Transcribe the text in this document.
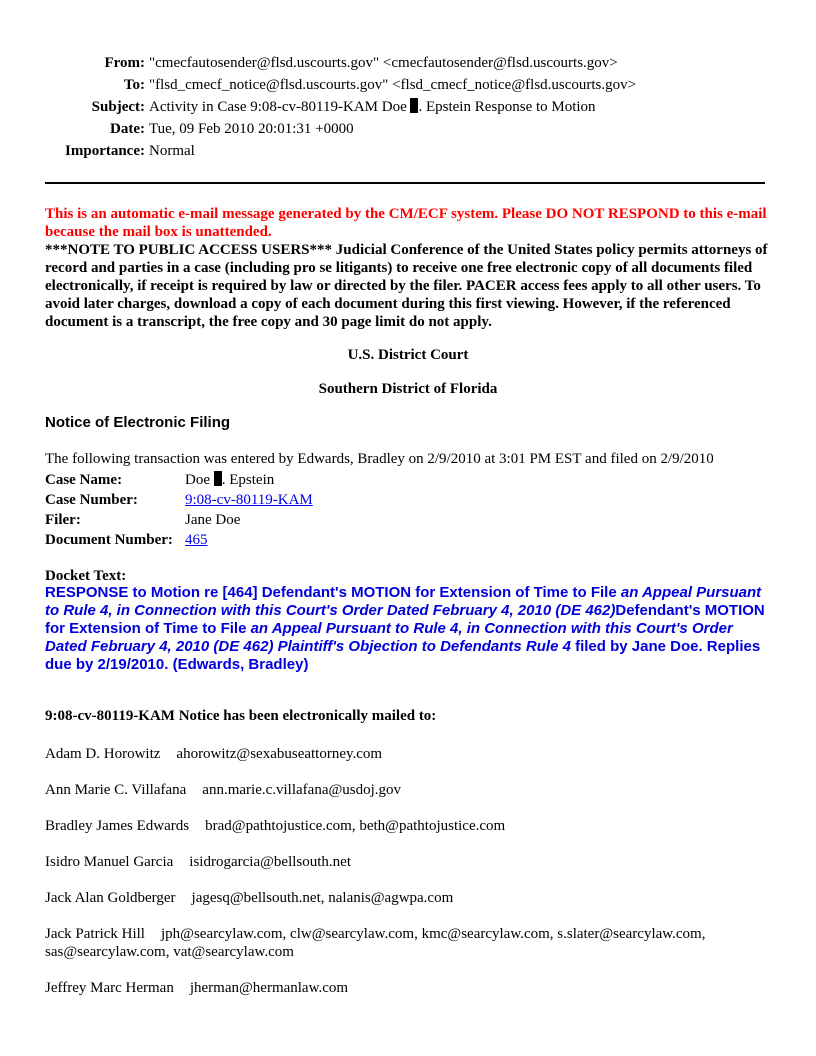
From: "cmecfautosender@flsd.uscourts.gov" <cmecfautosender@flsd.uscourts.gov>
To: "flsd_cmecf_notice@flsd.uscourts.gov" <flsd_cmecf_notice@flsd.uscourts.gov>
Subject: Activity in Case 9:08-cv-80119-KAM Doe . Epstein Response to Motion
Date: Tue, 09 Feb 2010 20:01:31 +0000
Importance: Normal
This is an automatic e-mail message generated by the CM/ECF system. Please DO NOT RESPOND to this e-mail because the mail box is unattended.
***NOTE TO PUBLIC ACCESS USERS*** Judicial Conference of the United States policy permits attorneys of record and parties in a case (including pro se litigants) to receive one free electronic copy of all documents filed electronically, if receipt is required by law or directed by the filer. PACER access fees apply to all other users. To avoid later charges, download a copy of each document during this first viewing. However, if the referenced document is a transcript, the free copy and 30 page limit do not apply.
U.S. District Court
Southern District of Florida
Notice of Electronic Filing
The following transaction was entered by Edwards, Bradley on 2/9/2010 at 3:01 PM EST and filed on 2/9/2010
Case Name:	Doe . Epstein
Case Number:	9:08-cv-80119-KAM
Filer:	Jane Doe
Document Number: 465
Docket Text:
RESPONSE to Motion re [464] Defendant's MOTION for Extension of Time to File an Appeal Pursuant to Rule 4, in Connection with this Court's Order Dated February 4, 2010 (DE 462)Defendant's MOTION for Extension of Time to File an Appeal Pursuant to Rule 4, in Connection with this Court's Order Dated February 4, 2010 (DE 462) Plaintiff's Objection to Defendants Rule 4 filed by Jane Doe. Replies due by 2/19/2010. (Edwards, Bradley)
9:08-cv-80119-KAM Notice has been electronically mailed to:
Adam D. Horowitz ahorowitz@sexabuseattorney.com
Ann Marie C. Villafana ann.marie.c.villafana@usdoj.gov
Bradley James Edwards brad@pathtojustice.com, beth@pathtojustice.com
Isidro Manuel Garcia isidrogarcia@bellsouth.net
Jack Alan Goldberger jagesq@bellsouth.net, nalanis@agwpa.com
Jack Patrick Hill jph@searcylaw.com, clw@searcylaw.com, kmc@searcylaw.com, s.slater@searcylaw.com, sas@searcylaw.com, vat@searcylaw.com
Jeffrey Marc Herman jherman@hermanlaw.com
